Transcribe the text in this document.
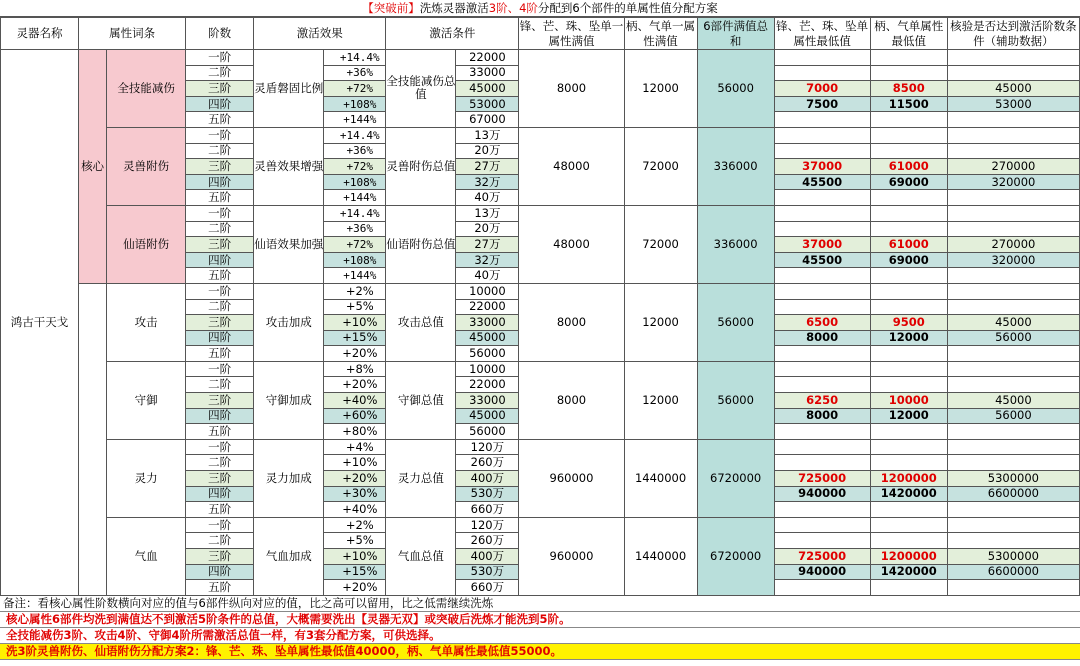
【突破前】洗炼灵器激活3阶、4阶分配到6个部件的单属性值分配方案
灵器名称	属性词条		阶数	激活效果		激活条件		锋、芒、珠、坠单一属性满值	柄、气单一属性满值	6部件满值总和	锋、芒、珠、坠单属性最低值	柄、气单属性最低值	核验是否达到激活阶数条件（辅助数据）
鸿古干天戈	核心	全技能减伤	一阶	灵盾磐固比例	+14.4%	全技能减伤总值	22000	8000	12000	56000			
			二阶		+36%		33000						
			三阶		+72%		45000				7000	8500	45000
			四阶		+108%		53000				7500	11500	53000
			五阶		+144%		67000						
		灵兽附伤	一阶	灵兽效果增强	+14.4%	灵兽附伤总值	13万	48000	72000	336000			
			二阶		+36%		20万						
			三阶		+72%		27万				37000	61000	270000
			四阶		+108%		32万				45500	69000	320000
			五阶		+144%		40万						
		仙语附伤	一阶	仙语效果加强	+14.4%	仙语附伤总值	13万	48000	72000	336000			
			二阶		+36%		20万						
			三阶		+72%		27万				37000	61000	270000
			四阶		+108%		32万				45500	69000	320000
			五阶		+144%		40万						
		攻击	一阶	攻击加成	+2%	攻击总值	10000	8000	12000	56000			
			二阶		+5%		22000						
			三阶		+10%		33000				6500	9500	45000
			四阶		+15%		45000				8000	12000	56000
			五阶		+20%		56000						
		守御	一阶	守御加成	+8%	守御总值	10000	8000	12000	56000			
			二阶		+20%		22000						
			三阶		+40%		33000				6250	10000	45000
			四阶		+60%		45000				8000	12000	56000
			五阶		+80%		56000						
		灵力	一阶	灵力加成	+4%	灵力总值	120万	960000	1440000	6720000			
			二阶		+10%		260万						
			三阶		+20%		400万				725000	1200000	5300000
			四阶		+30%		530万				940000	1420000	6600000
			五阶		+40%		660万						
		气血	一阶	气血加成	+2%	气血总值	120万	960000	1440000	6720000			
			二阶		+5%		260万						
			三阶		+10%		400万				725000	1200000	5300000
			四阶		+15%		530万				940000	1420000	6600000
			五阶		+20%		660万						
备注：看核心属性阶数横向对应的值与6部件纵向对应的值，比之高可以留用，比之低需继续洗炼
核心属性6部件均洗到满值达不到激活5阶条件的总值，大概需要洗出【灵器无双】或突破后洗炼才能洗到5阶。
全技能减伤3阶、攻击4阶、守御4阶所需激活总值一样，有3套分配方案，可供选择。
洗3阶灵兽附伤、仙语附伤分配方案2：锋、芒、珠、坠单属性最低值40000，柄、气单属性最低值55000。
